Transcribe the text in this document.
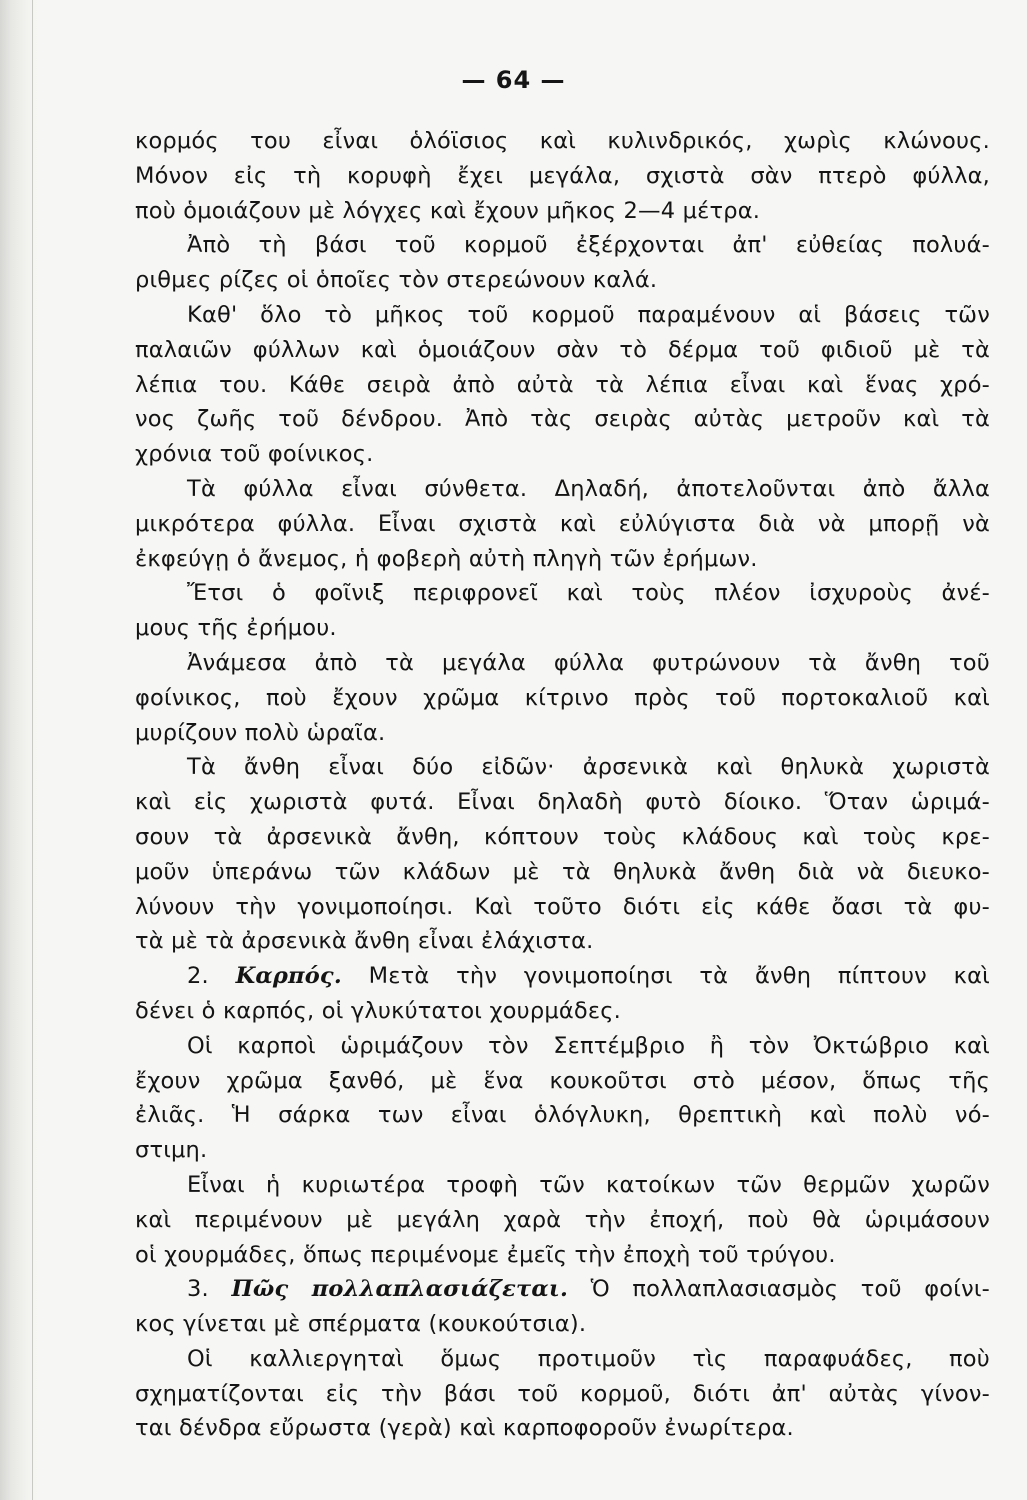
— 64 —
κορμός του εἶναι ὁλόϊσιος καὶ κυλινδρικός, χωρὶς κλώνους.
Μόνον εἰς τὴ κορυφὴ ἔχει μεγάλα, σχιστὰ σὰν πτερὸ φύλλα,
ποὺ ὁμοιάζουν μὲ λόγχες καὶ ἔχουν μῆκος 2—4 μέτρα.
Ἀπὸ τὴ βάσι τοῦ κορμοῦ ἐξέρχονται ἀπ' εὐθείας πολυά-
ριθμες ρίζες οἱ ὁποῖες τὸν στερεώνουν καλά.
Καθ' ὅλο τὸ μῆκος τοῦ κορμοῦ παραμένουν αἱ βάσεις τῶν
παλαιῶν φύλλων καὶ ὁμοιάζουν σὰν τὸ δέρμα τοῦ φιδιοῦ μὲ τὰ
λέπια του. Κάθε σειρὰ ἀπὸ αὐτὰ τὰ λέπια εἶναι καὶ ἕνας χρό-
νος ζωῆς τοῦ δένδρου. Ἀπὸ τὰς σειρὰς αὐτὰς μετροῦν καὶ τὰ
χρόνια τοῦ φοίνικος.
Τὰ φύλλα εἶναι σύνθετα. Δηλαδή, ἀποτελοῦνται ἀπὸ ἄλλα
μικρότερα φύλλα. Εἶναι σχιστὰ καὶ εὐλύγιστα διὰ νὰ μπορῇ νὰ
ἐκφεύγῃ ὁ ἄνεμος, ἡ φοβερὴ αὐτὴ πληγὴ τῶν ἐρήμων.
Ἔτσι ὁ φοῖνιξ περιφρονεῖ καὶ τοὺς πλέον ἰσχυροὺς ἀνέ-
μους τῆς ἐρήμου.
Ἀνάμεσα ἀπὸ τὰ μεγάλα φύλλα φυτρώνουν τὰ ἄνθη τοῦ
φοίνικος, ποὺ ἔχουν χρῶμα κίτρινο πρὸς τοῦ πορτοκαλιοῦ καὶ
μυρίζουν πολὺ ὡραῖα.
Τὰ ἄνθη εἶναι δύο εἰδῶν· ἀρσενικὰ καὶ θηλυκὰ χωριστὰ
καὶ εἰς χωριστὰ φυτά. Εἶναι δηλαδὴ φυτὸ δίοικο. Ὅταν ὡριμά-
σουν τὰ ἀρσενικὰ ἄνθη, κόπτουν τοὺς κλάδους καὶ τοὺς κρε-
μοῦν ὑπεράνω τῶν κλάδων μὲ τὰ θηλυκὰ ἄνθη διὰ νὰ διευκο-
λύνουν τὴν γονιμοποίησι. Καὶ τοῦτο διότι εἰς κάθε ὄασι τὰ φυ-
τὰ μὲ τὰ ἀρσενικὰ ἄνθη εἶναι ἐλάχιστα.
2. Καρπός. Μετὰ τὴν γονιμοποίησι τὰ ἄνθη πίπτουν καὶ
δένει ὁ καρπός, οἱ γλυκύτατοι χουρμάδες.
Οἱ καρποὶ ὡριμάζουν τὸν Σεπτέμβριο ἢ τὸν Ὀκτώβριο καὶ
ἔχουν χρῶμα ξανθό, μὲ ἕνα κουκοῦτσι στὸ μέσον, ὅπως τῆς
ἐλιᾶς. Ἡ σάρκα των εἶναι ὁλόγλυκη, θρεπτικὴ καὶ πολὺ νό-
στιμη.
Εἶναι ἡ κυριωτέρα τροφὴ τῶν κατοίκων τῶν θερμῶν χωρῶν
καὶ περιμένουν μὲ μεγάλη χαρὰ τὴν ἐποχή, ποὺ θὰ ὡριμάσουν
οἱ χουρμάδες, ὅπως περιμένομε ἐμεῖς τὴν ἐποχὴ τοῦ τρύγου.
3. Πῶς πολλαπλασιάζεται. Ὁ πολλαπλασιασμὸς τοῦ φοίνι-
κος γίνεται μὲ σπέρματα (κουκούτσια).
Οἱ καλλιεργηταὶ ὅμως προτιμοῦν τὶς παραφυάδες, ποὺ
σχηματίζονται εἰς τὴν βάσι τοῦ κορμοῦ, διότι ἀπ' αὐτὰς γίνον-
ται δένδρα εὔρωστα (γερὰ) καὶ καρποφοροῦν ἐνωρίτερα.
